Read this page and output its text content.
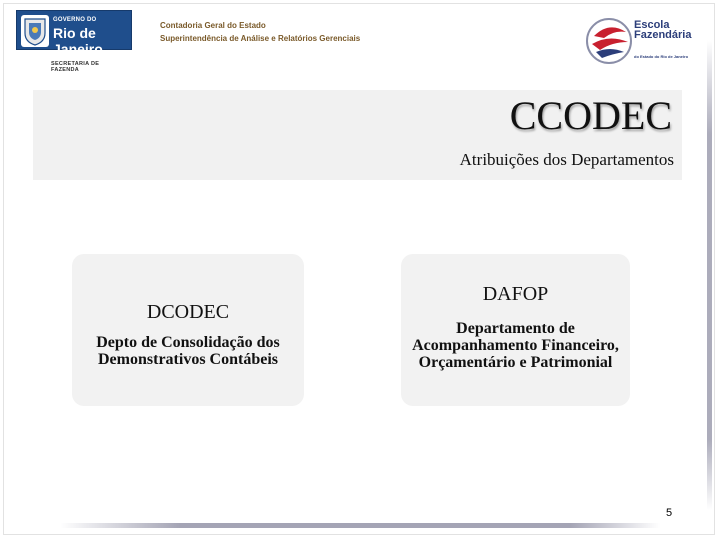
GOVERNO DO
Rio de Janeiro
SECRETARIA DE FAZENDA
Contadoria Geral do Estado
Superintendência de Análise e Relatórios Gerenciais
Escola
Fazendária
do Estado do Rio de Janeiro
CCODEC
Atribuições dos Departamentos
DCODEC
Depto de Consolidação dos Demonstrativos Contábeis
DAFOP
Departamento de Acompanhamento Financeiro, Orçamentário e Patrimonial
5
